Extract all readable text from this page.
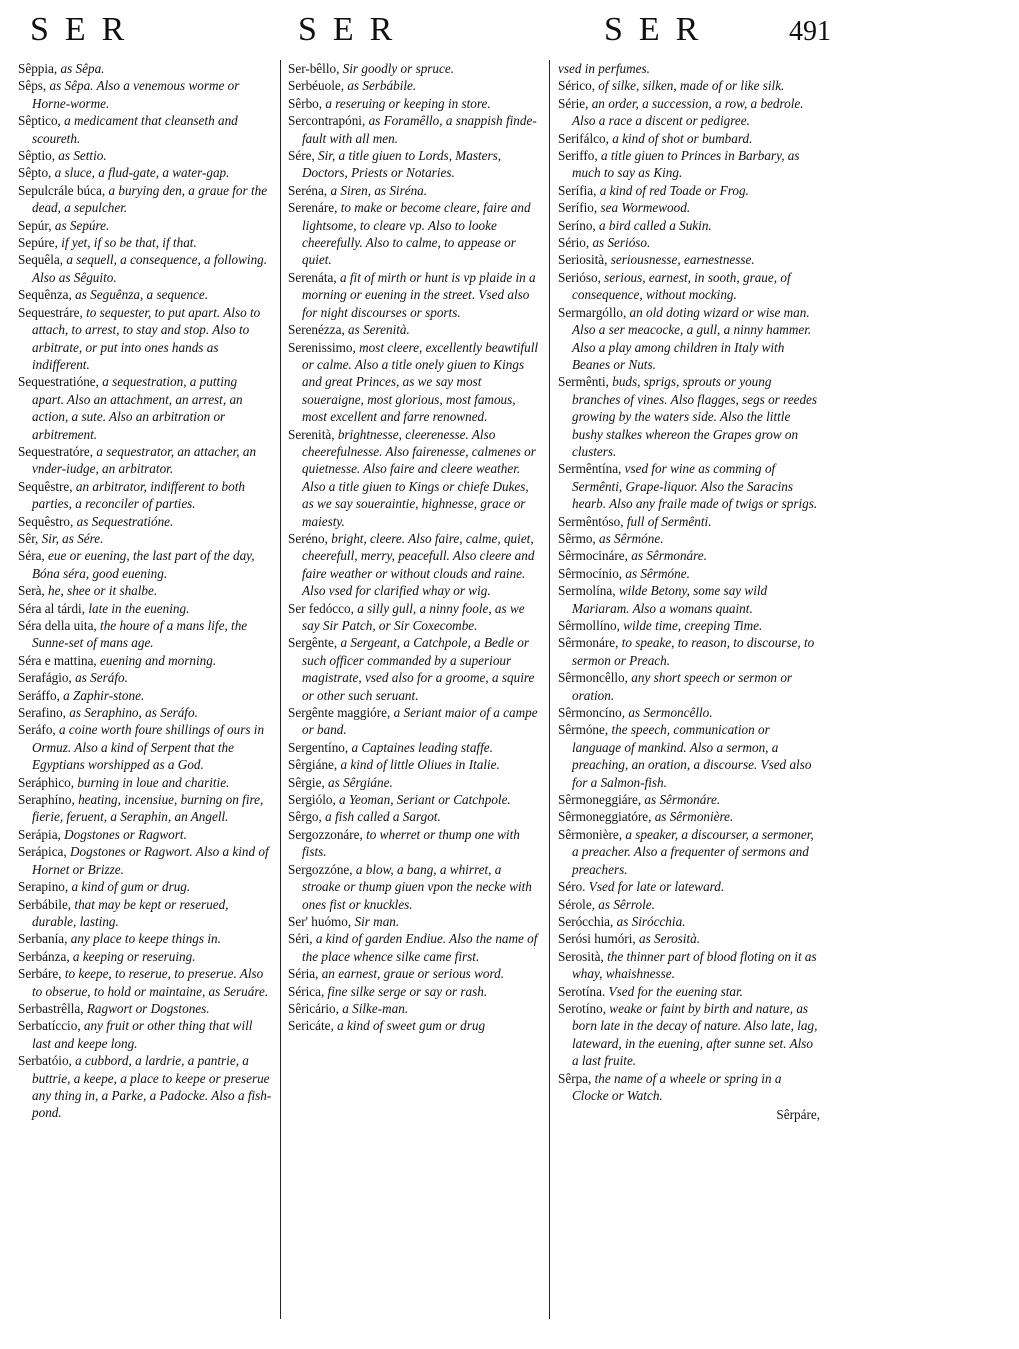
SER	SER	SER	491

Sêppia, as Sêpa.

Sêps, as Sêpa. Also a venemous worme or Horne-worme.

Sêptico, a medicament that cleanseth and scoureth.

Sêptio, as Settio.

Sêpto, a sluce, a flud-gate, a water-gap.

Sepulcrále búca, a burying den, a graue for the dead, a sepulcher.

Sepúr, as Sepúre.

Sepúre, if yet, if so be that, if that.

Sequêla, a sequell, a consequence, a following. Also as Sêguito.

Sequênza, as Seguênza, a sequence.

Sequestráre, to sequester, to put apart. Also to attach, to arrest, to stay and stop. Also to arbitrate, or put into ones hands as indifferent.

Sequestratióne, a sequestration, a putting apart. Also an attachment, an arrest, an action, a sute. Also an arbitration or arbitrement.

Sequestratóre, a sequestrator, an attacher, an vnder-iudge, an arbitrator.

Sequêstre, an arbitrator, indifferent to both parties, a reconciler of parties.

Sequêstro, as Sequestratióne.

Sêr, Sir, as Sére.

Séra, eue or euening, the last part of the day, Bóna séra, good euening.

Serà, he, shee or it shalbe.

Séra al tárdi, late in the euening.

Séra della uita, the houre of a mans life, the Sunne-set of mans age.

Séra e mattina, euening and morning.

Serafágio, as Seráfo.

Seráffo, a Zaphir-stone.

Serafino, as Seraphino, as Seráfo.

Seráfo, a coine worth foure shillings of ours in Ormuz. Also a kind of Serpent that the Egyptians worshipped as a God.

Seráphico, burning in loue and charitie.

Seraphíno, heating, incensiue, burning on fire, fierie, feruent, a Seraphin, an Angell.

Serápia, Dogstones or Ragwort.

Serápica, Dogstones or Ragwort. Also a kind of Hornet or Brizze.

Serapino, a kind of gum or drug.

Serbábile, that may be kept or reserued, durable, lasting.

Serbanía, any place to keepe things in.

Serbánza, a keeping or reseruing.

Serbáre, to keepe, to reserue, to preserue. Also to obserue, to hold or maintaine, as Seruáre.

Serbastrêlla, Ragwort or Dogstones.

Serbatíccio, any fruit or other thing that will last and keepe long.

Serbatóio, a cubbord, a lardrie, a pantrie, a buttrie, a keepe, a place to keepe or preserue any thing in, a Parke, a Padocke. Also a fish-pond.

Ser-bêllo, Sir goodly or spruce.

Serbéuole, as Serbábile.

Sêrbo, a reseruing or keeping in store.

Sercontrapóni, as Foramêllo, a snappish finde-fault with all men.

Sére, Sir, a title giuen to Lords, Masters, Doctors, Priests or Notaries.

Seréna, a Siren, as Siréna.

Serenáre, to make or become cleare, faire and lightsome, to cleare vp. Also to looke cheerefully. Also to calme, to appease or quiet.

Serenáta, a fit of mirth or hunt is vp plaide in a morning or euening in the street. Vsed also for night discourses or sports.

Serenézza, as Serenità.

Serenissimo, most cleere, excellently beawtifull or calme. Also a title onely giuen to Kings and great Princes, as we say most soueraigne, most glorious, most famous, most excellent and farre renowned.

Serenità, brightnesse, cleerenesse. Also cheerefulnesse. Also fairenesse, calmenes or quietnesse. Also faire and cleere weather. Also a title giuen to Kings or chiefe Dukes, as we say soueraintie, highnesse, grace or maiesty.

Seréno, bright, cleere. Also faire, calme, quiet, cheerefull, merry, peacefull. Also cleere and faire weather or without clouds and raine. Also vsed for clarified whay or wig.

Ser fedócco, a silly gull, a ninny foole, as we say Sir Patch, or Sir Coxecombe.

Sergênte, a Sergeant, a Catchpole, a Bedle or such officer commanded by a superiour magistrate, vsed also for a groome, a squire or other such seruant.

Sergênte maggióre, a Seriant maior of a campe or band.

Sergentíno, a Captaines leading staffe.

Sêrgiáne, a kind of little Oliues in Italie.

Sêrgie, as Sêrgiáne.

Sergiólo, a Yeoman, Seriant or Catchpole.

Sêrgo, a fish called a Sargot.

Sergozzonáre, to wherret or thump one with fists.

Sergozzóne, a blow, a bang, a whirret, a stroake or thump giuen vpon the necke with ones fist or knuckles.

Ser' huómo, Sir man.

Séri, a kind of garden Endiue. Also the name of the place whence silke came first.

Séria, an earnest, graue or serious word.

Sérica, fine silke serge or say or rash.

Sêricário, a Silke-man.

Sericáte, a kind of sweet gum or drug

vsed in perfumes.

Sérico, of silke, silken, made of or like silk.

Série, an order, a succession, a row, a bedrole. Also a race a discent or pedigree.

Serifálco, a kind of shot or bumbard.

Seriffo, a title giuen to Princes in Barbary, as much to say as King.

Serífia, a kind of red Toade or Frog.

Serífio, sea Wormewood.

Seríno, a bird called a Sukin.

Sério, as Serióso.

Seriosità, seriousnesse, earnestnesse.

Serióso, serious, earnest, in sooth, graue, of consequence, without mocking.

Sermargóllo, an old doting wizard or wise man. Also a ser meacocke, a gull, a ninny hammer. Also a play among children in Italy with Beanes or Nuts.

Sermênti, buds, sprigs, sprouts or young branches of vines. Also flagges, segs or reedes growing by the waters side. Also the little bushy stalkes whereon the Grapes grow on clusters.

Sermêntína, vsed for wine as comming of Sermênti, Grape-liquor. Also the Saracins hearb. Also any fraile made of twigs or sprigs.

Sermêntóso, full of Sermênti.

Sêrmo, as Sêrmóne.

Sêrmocináre, as Sêrmonáre.

Sêrmocínio, as Sêrmóne.

Sermolína, wilde Betony, some say wild Mariaram. Also a womans quaint.

Sêrmollíno, wilde time, creeping Time.

Sêrmonáre, to speake, to reason, to discourse, to sermon or Preach.

Sêrmoncêllo, any short speech or sermon or oration.

Sêrmoncíno, as Sermoncêllo.

Sêrmóne, the speech, communication or language of mankind. Also a sermon, a preaching, an oration, a discourse. Vsed also for a Salmon-fish.

Sêrmoneggiáre, as Sêrmonáre.

Sêrmoneggiatóre, as Sêrmonière.

Sêrmonière, a speaker, a discourser, a sermoner, a preacher. Also a frequenter of sermons and preachers.

Séro. Vsed for late or lateward.

Sérole, as Sêrrole.

Serócchia, as Sirócchia.

Serósi humóri, as Serosità.

Serosità, the thinner part of blood floting on it as whay, whaishnesse.

Serotína. Vsed for the euening star.

Serotíno, weake or faint by birth and nature, as born late in the decay of nature. Also late, lag, lateward, in the euening, after sunne set. Also a last fruite.

Sêrpa, the name of a wheele or spring in a Clocke or Watch.

Sêrpáre,
